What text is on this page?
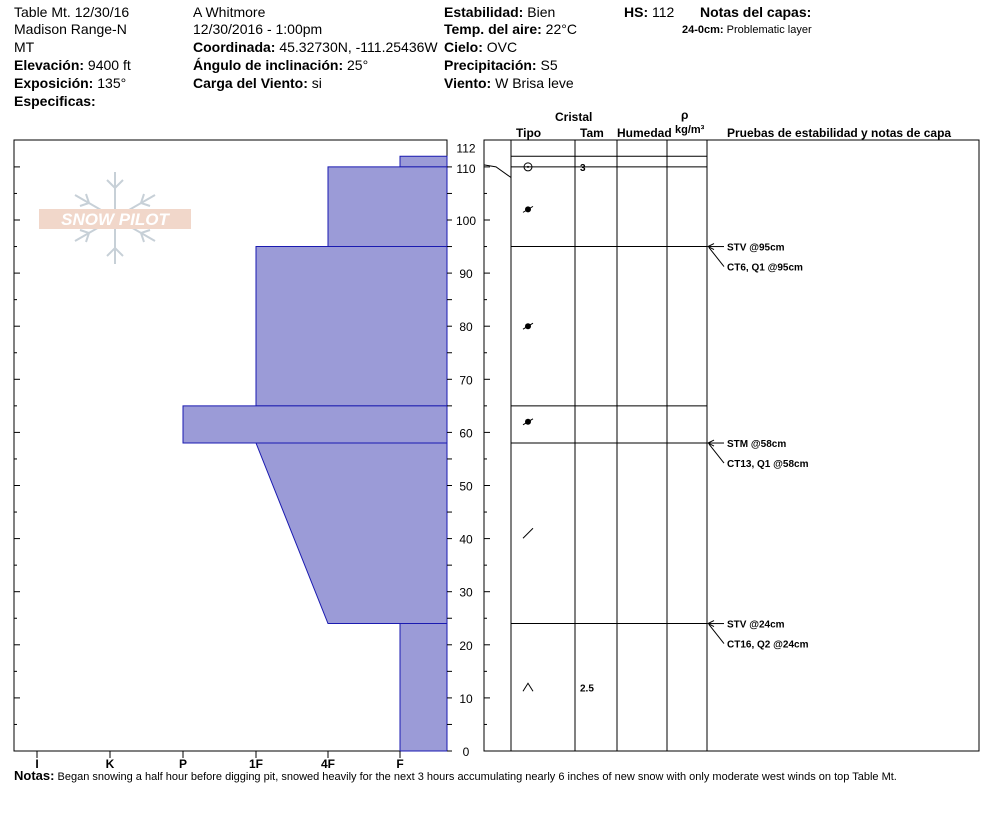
Table Mt. 12/30/16
Madison Range-N
MT
Elevación: 9400 ft
Exposición: 135°
Especificas:
A Whitmore
12/30/2016 - 1:00pm
Coordinada: 45.32730N, -111.25436W
Ángulo de inclinación: 25°
Carga del Viento: si
Estabilidad: Bien
Temp. del aire: 22°C
Cielo: OVC
Precipitación: S5
Viento: W Brisa leve
HS: 112 Notas del capas:
24-0cm: Problematic layer
Cristal
Tipo	Tam Humedad
ρ
kg/m³ Pruebas de estabilidad y notas de capa
SNOW PILOT
I	K	P	1F	4F	F
0
10
20
30
40
50
60
70
80
90
100
110
112
3
2.5
STV @95cm
CT6, Q1 @95cm
STM @58cm
CT13, Q1 @58cm
STV @24cm
CT16, Q2 @24cm
Notas: Began snowing a half hour before digging pit, snowed heavily for the next 3 hours accumulating nearly 6 inches of new snow with only moderate west winds on top Table Mt.
